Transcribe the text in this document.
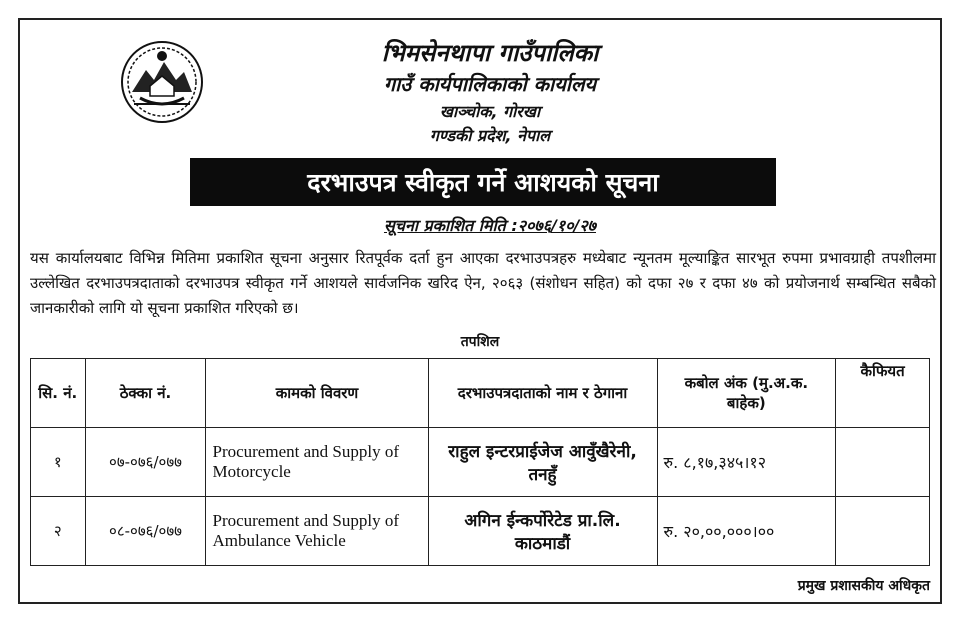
भिमसेनथापा गाउँपालिका
गाउँ कार्यपालिकाको कार्यालय
खाञ्चोक, गोरखा
गण्डकी प्रदेश, नेपाल
दरभाउपत्र स्वीकृत गर्ने आशयको सूचना
सूचना प्रकाशित मिति :२०७६/१०/२७
यस कार्यालयबाट विभिन्न मितिमा प्रकाशित सूचना अनुसार रितपूर्वक दर्ता हुन आएका दरभाउपत्रहरु मध्येबाट न्यूनतम मूल्याङ्कित सारभूत रुपमा प्रभावग्राही तपशीलमा उल्लेखित दरभाउपत्रदाताको दरभाउपत्र स्वीकृत गर्ने आशयले सार्वजनिक खरिद ऐन, २०६३ (संशोधन सहित) को दफा २७ र दफा ४७ को प्रयोजनार्थ सम्बन्धित सबैको जानकारीको लागि यो सूचना प्रकाशित गरिएको छ।
तपशिल
सि. नं.	ठेक्का नं.	कामको विवरण	दरभाउपत्रदाताको नाम र ठेगाना	कबोल अंक (मु.अ.क. बाहेक)	कैफियत
१	०७-०७६/०७७	Procurement and Supply of Motorcycle	राहुल इन्टरप्राईजेज आवुँखैरेनी, तनहुँ	रु. ८,१७,३४५।१२	
२	०८-०७६/०७७	Procurement and Supply of Ambulance Vehicle	अगिन ईन्कर्पोरेटेड प्रा.लि. काठमाडौं	रु. २०,००,०००।००	
प्रमुख प्रशासकीय अधिकृत
